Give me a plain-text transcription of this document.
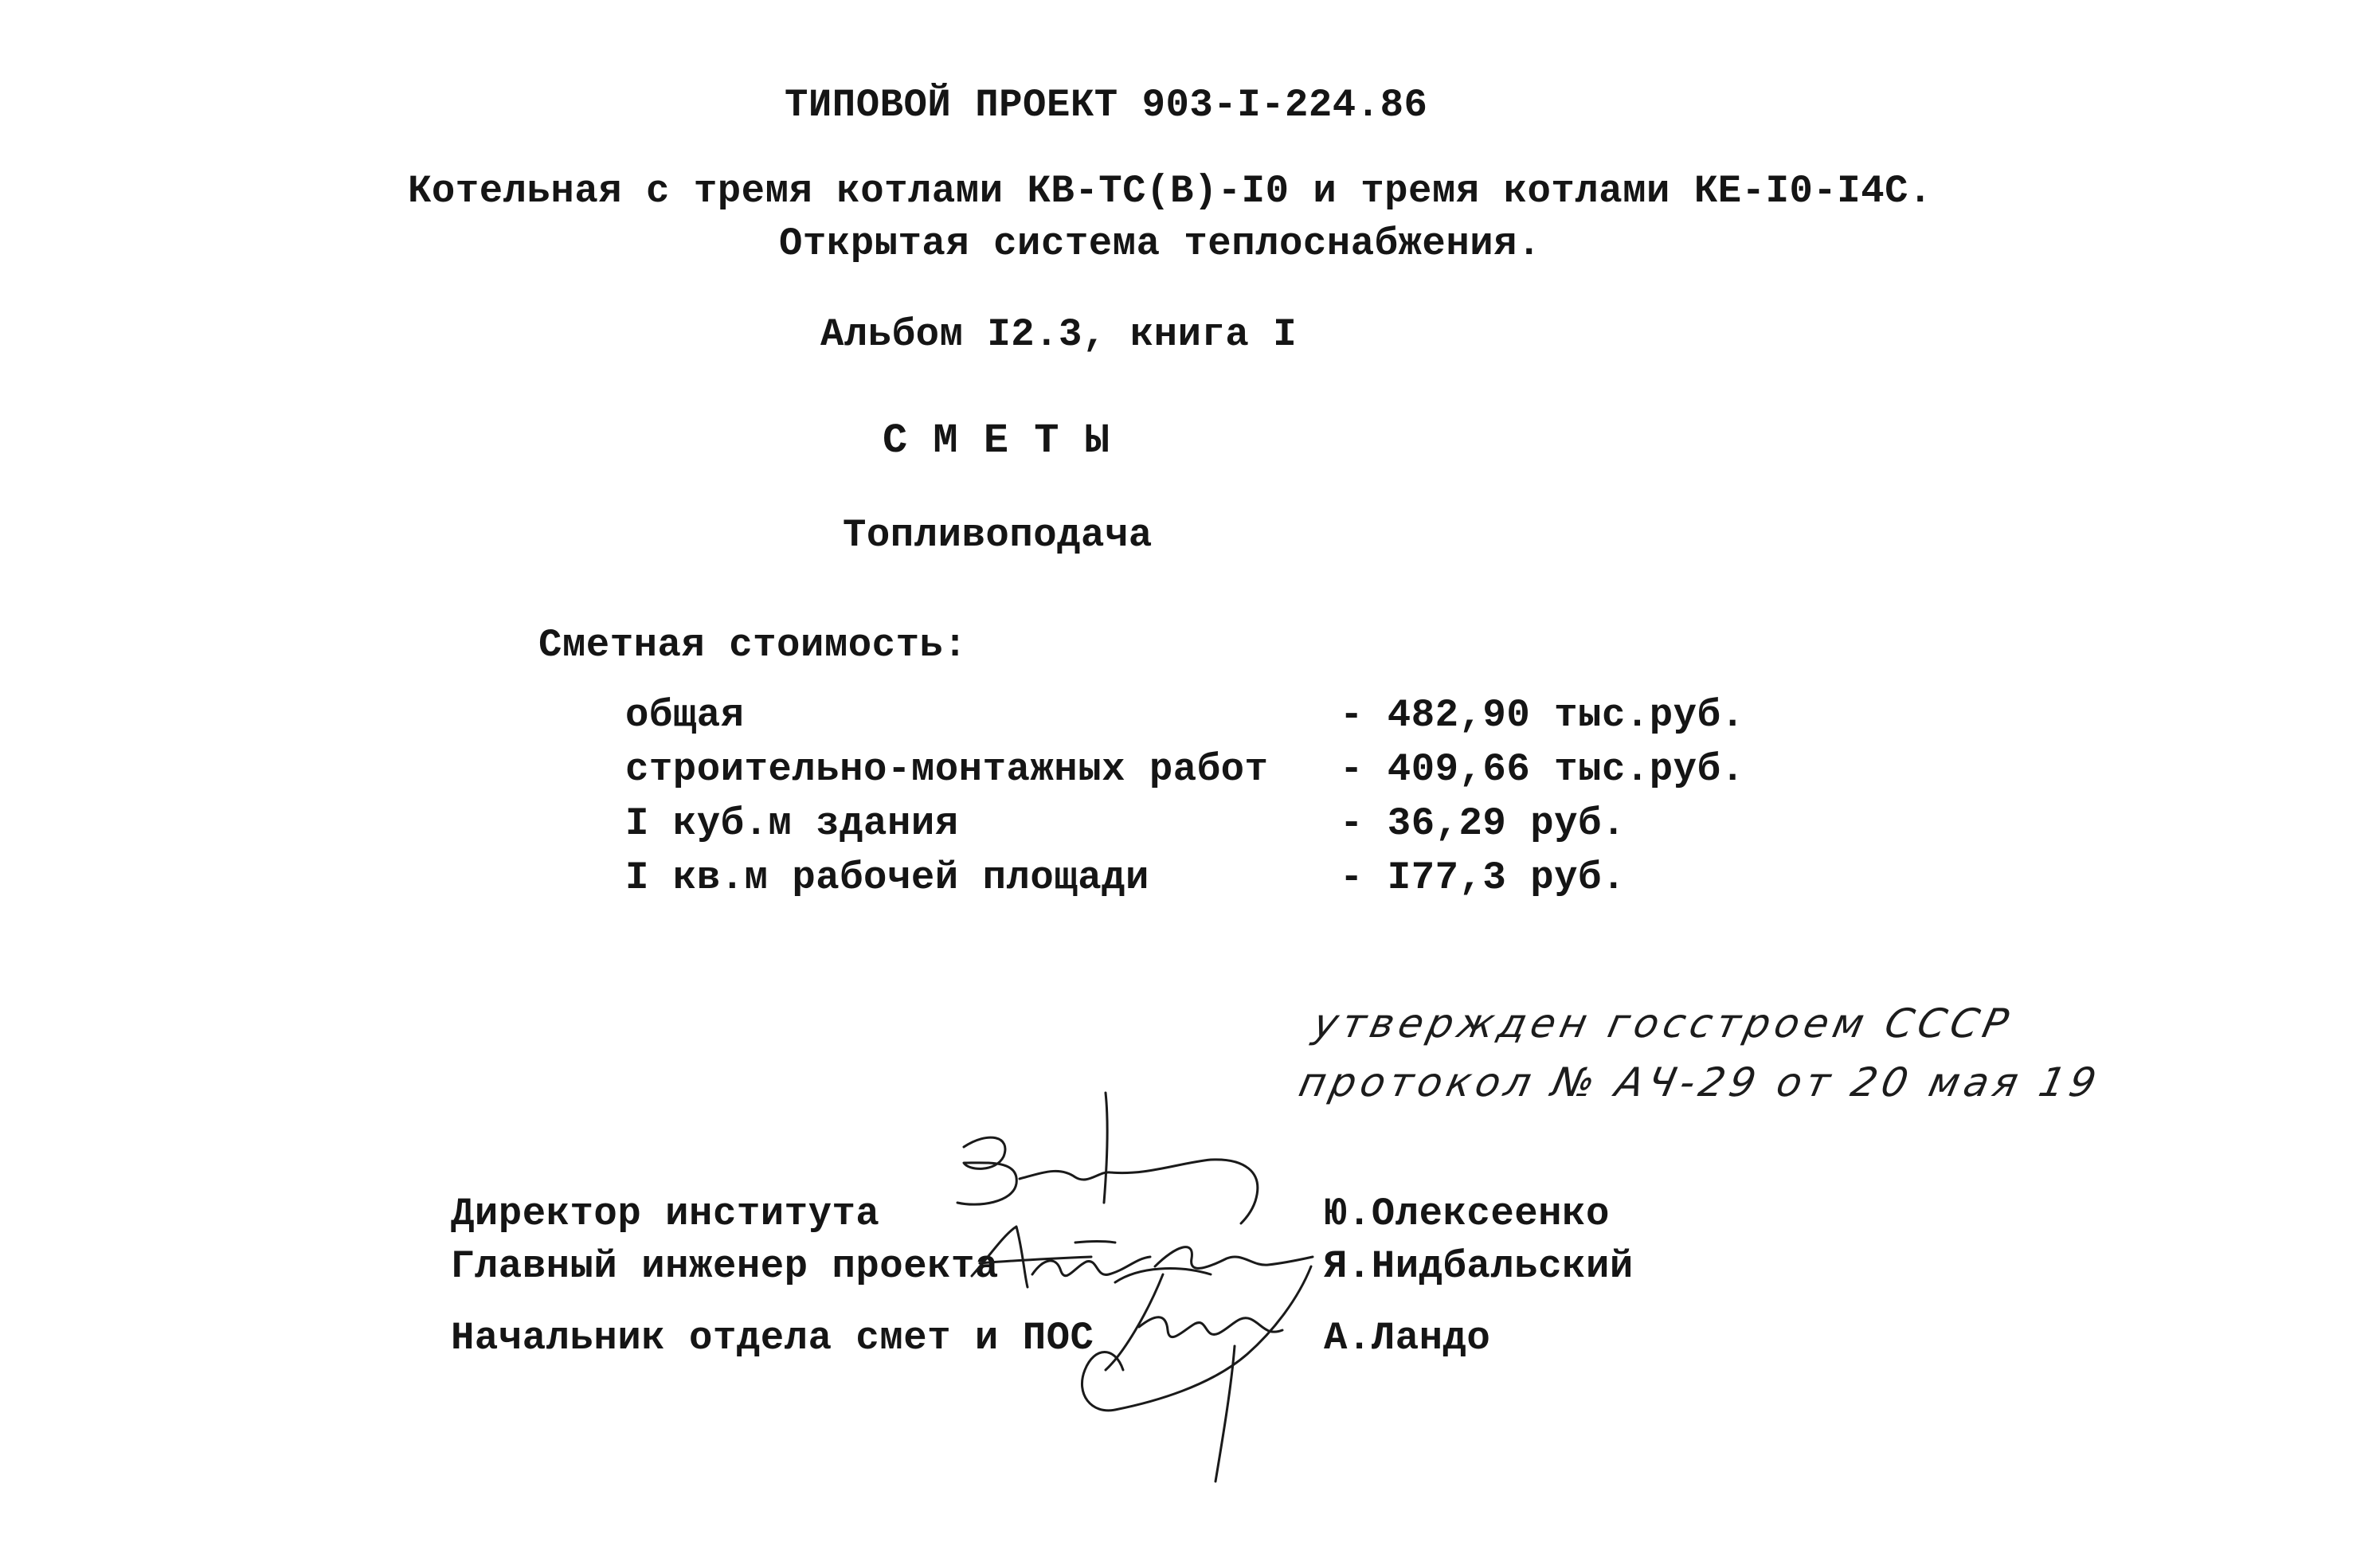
ТИПОВОЙ ПРОЕКТ 903-I-224.86
Котельная с тремя котлами КВ-ТС(В)-I0 и тремя котлами КЕ-I0-I4С.
Открытая система теплоснабжения.
Альбом I2.3, книга I
С М Е Т Ы
Топливоподача
Сметная стоимость:
общая	- 482,90 тыс.руб.
строительно-монтажных работ - 409,66 тыс.руб.
I куб.м здания	- 36,29 руб.
I кв.м рабочей площади	- I77,3 руб.
утвержден госстроем СССР
протокол № АЧ-29 от 20 мая 19
Директор института	Ю.Олексеенко
Главный инженер проекта	Я.Нидбальский
Начальник отдела смет и ПОС	А.Ландо
